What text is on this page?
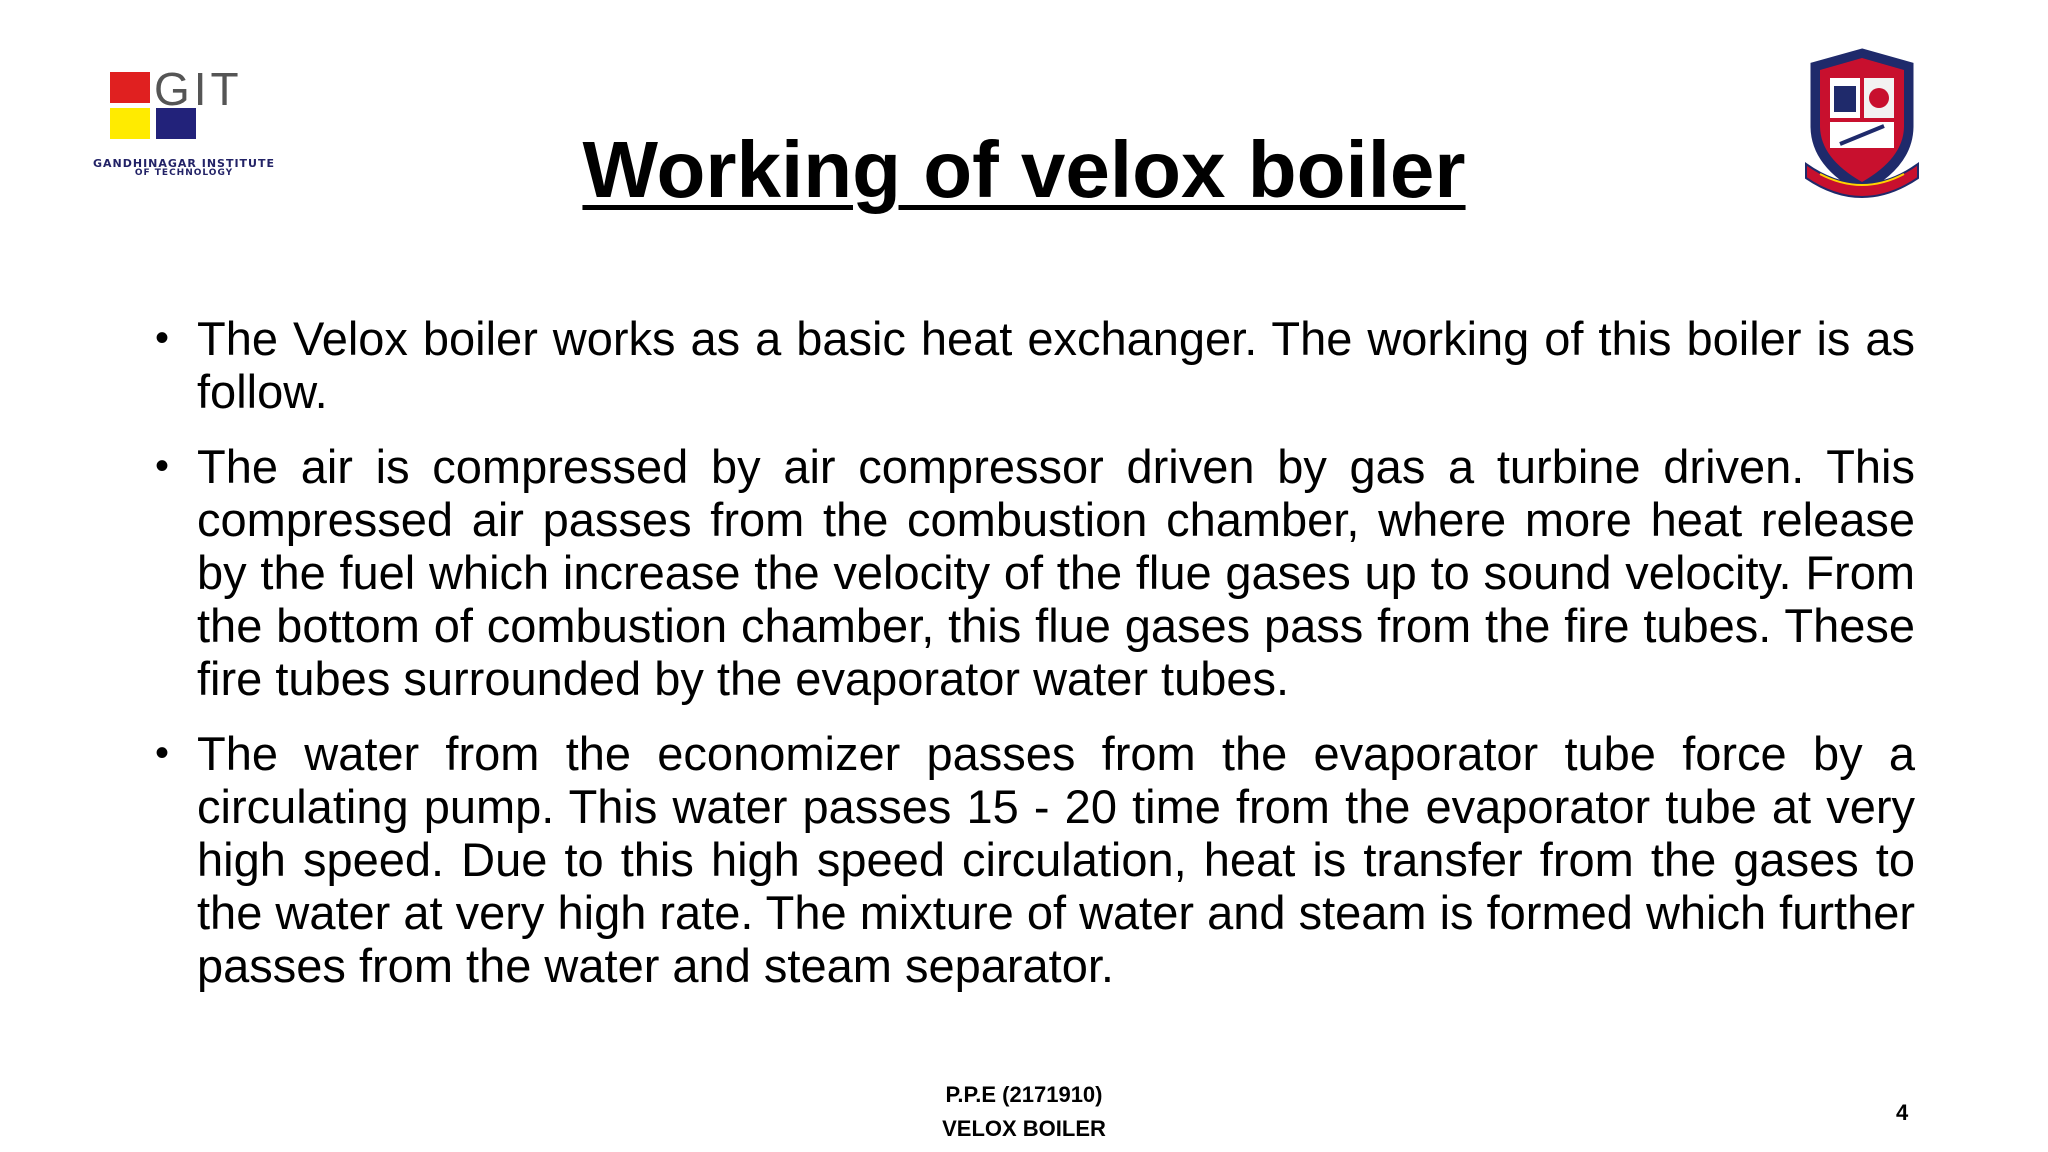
GIT
GANDHINAGAR INSTITUTE
OF TECHNOLOGY	Working of velox boiler
• The Velox boiler works as a basic heat exchanger. The working of this boiler is as follow.
• The air is compressed by air compressor driven by gas a turbine driven. This compressed air passes from the combustion chamber, where more heat release by the fuel which increase the velocity of the flue gases up to sound velocity. From the bottom of combustion chamber, this flue gases pass from the fire tubes. These fire tubes surrounded by the evaporator water tubes.
• The water from the economizer passes from the evaporator tube force by a circulating pump. This water passes 15 - 20 time from the evaporator tube at very high speed. Due to this high speed circulation, heat is transfer from the gases to the water at very high rate. The mixture of water and steam is formed which further passes from the water and steam separator.
P.P.E (2171910)
VELOX BOILER
4
